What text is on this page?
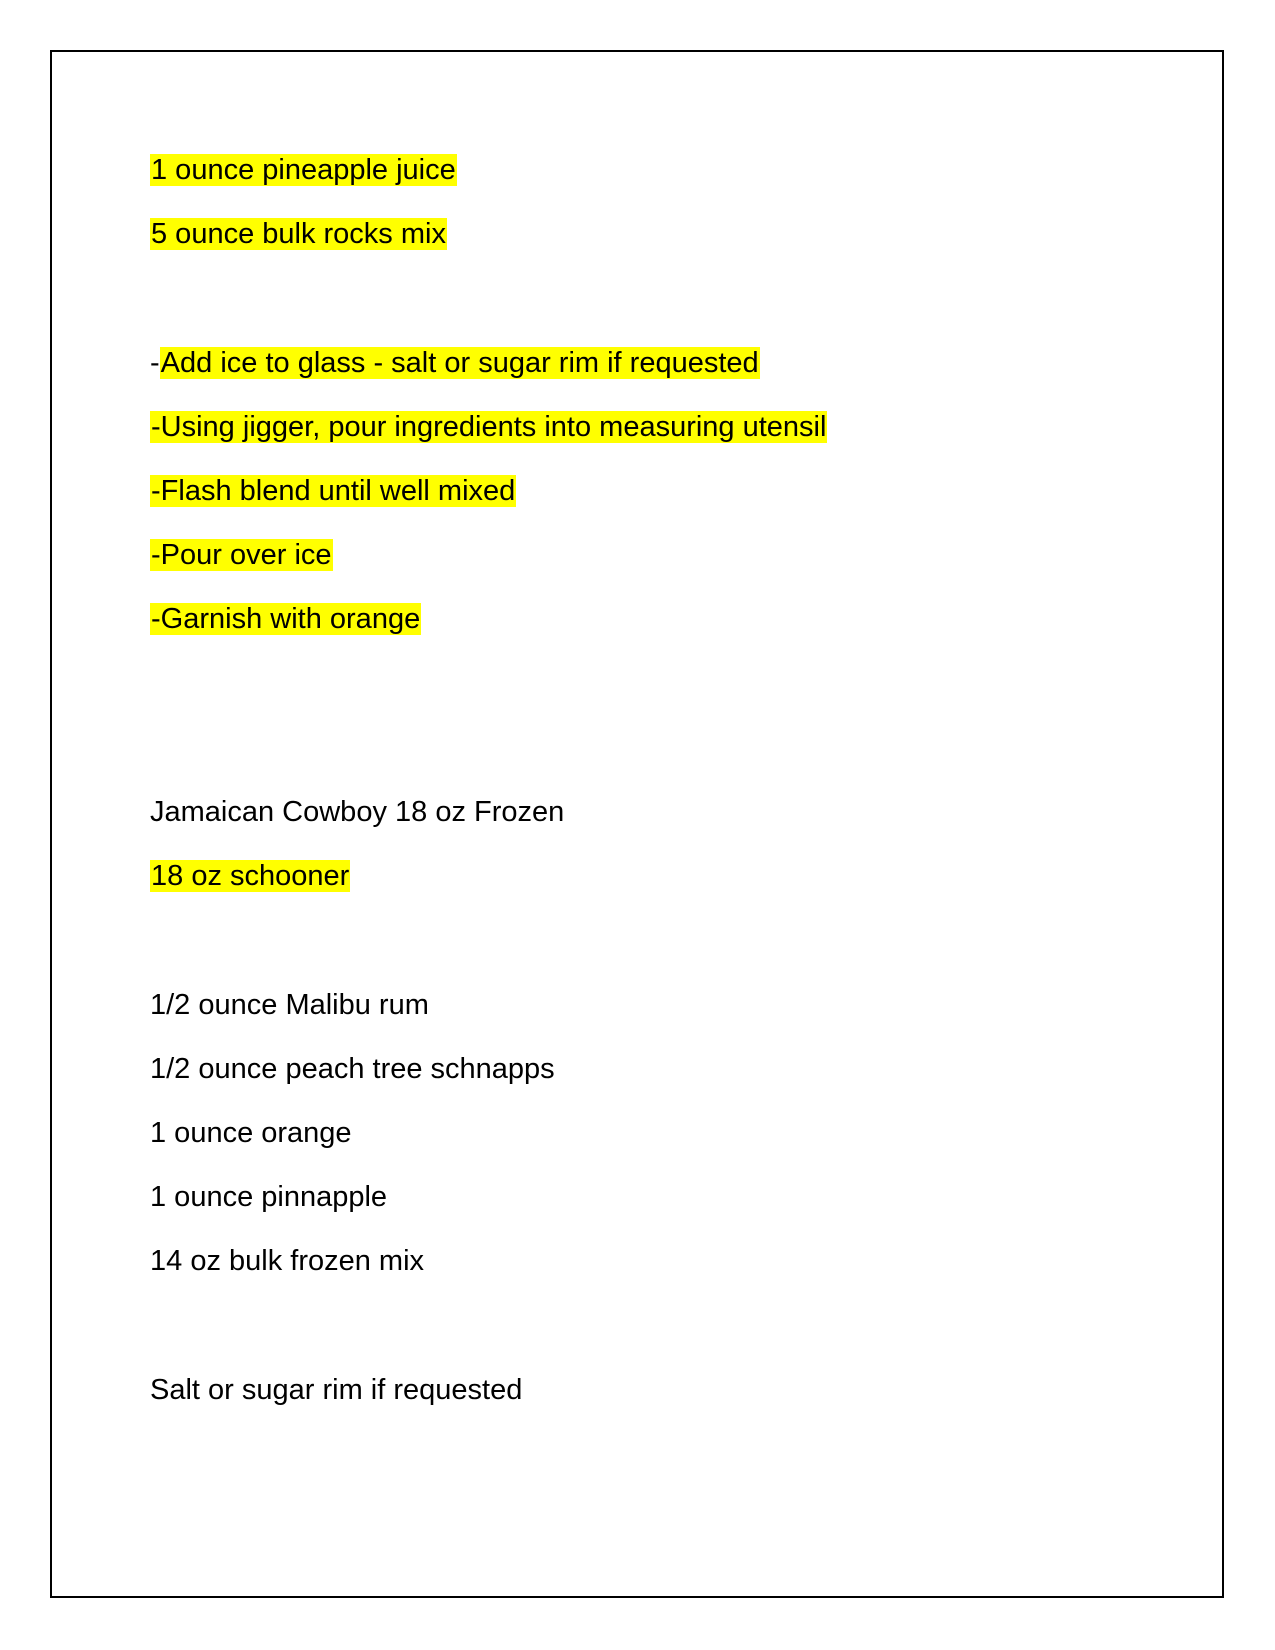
1 ounce pineapple juice
5 ounce bulk rocks mix
-Add ice to glass - salt or sugar rim if requested
-Using jigger, pour ingredients into measuring utensil
-Flash blend until well mixed
-Pour over ice
-Garnish with orange
Jamaican Cowboy 18 oz Frozen
18 oz schooner
1/2 ounce Malibu rum
1/2 ounce peach tree schnapps
1 ounce orange
1 ounce pinnapple
14 oz bulk frozen mix
Salt or sugar rim if requested
